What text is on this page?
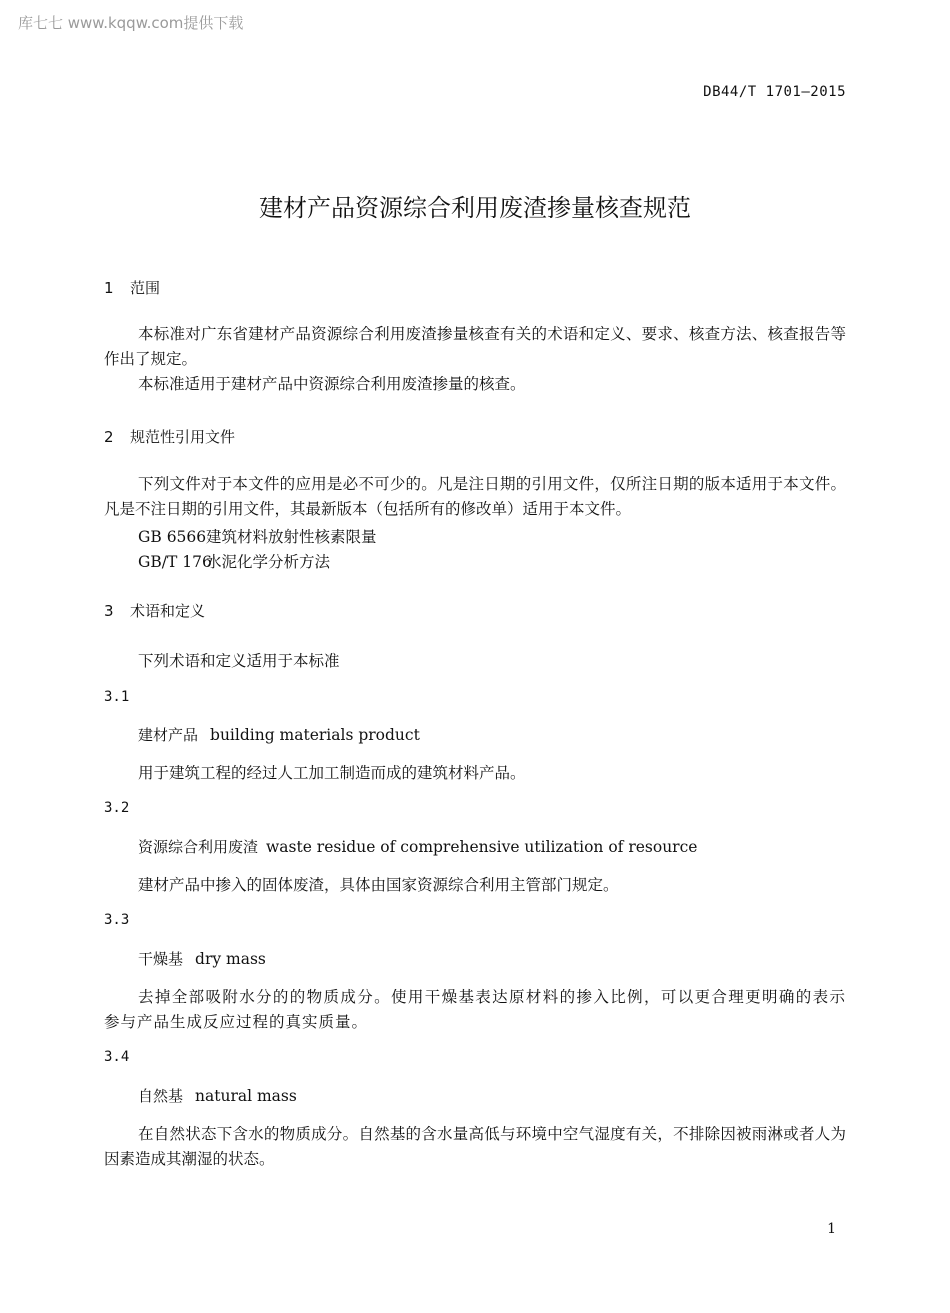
库七七 www.kqqw.com提供下载
DB44/T 1701—2015
建材产品资源综合利用废渣掺量核查规范
1 范围
本标准对广东省建材产品资源综合利用废渣掺量核查有关的术语和定义、要求、核查方法、核查报告等作出了规定。
本标准适用于建材产品中资源综合利用废渣掺量的核查。
2 规范性引用文件
下列文件对于本文件的应用是必不可少的。凡是注日期的引用文件，仅所注日期的版本适用于本文件。凡是不注日期的引用文件，其最新版本（包括所有的修改单）适用于本文件。
GB 6566建筑材料放射性核素限量
GB/T 176水泥化学分析方法
3 术语和定义
下列术语和定义适用于本标准
3.1
建材产品 building materials product
用于建筑工程的经过人工加工制造而成的建筑材料产品。
3.2
资源综合利用废渣 waste residue of comprehensive utilization of resource
建材产品中掺入的固体废渣，具体由国家资源综合利用主管部门规定。
3.3
干燥基 dry mass
去掉全部吸附水分的的物质成分。使用干燥基表达原材料的掺入比例，可以更合理更明确的表示参与产品生成反应过程的真实质量。
3.4
自然基 natural mass
在自然状态下含水的物质成分。自然基的含水量高低与环境中空气湿度有关，不排除因被雨淋或者人为因素造成其潮湿的状态。
1
